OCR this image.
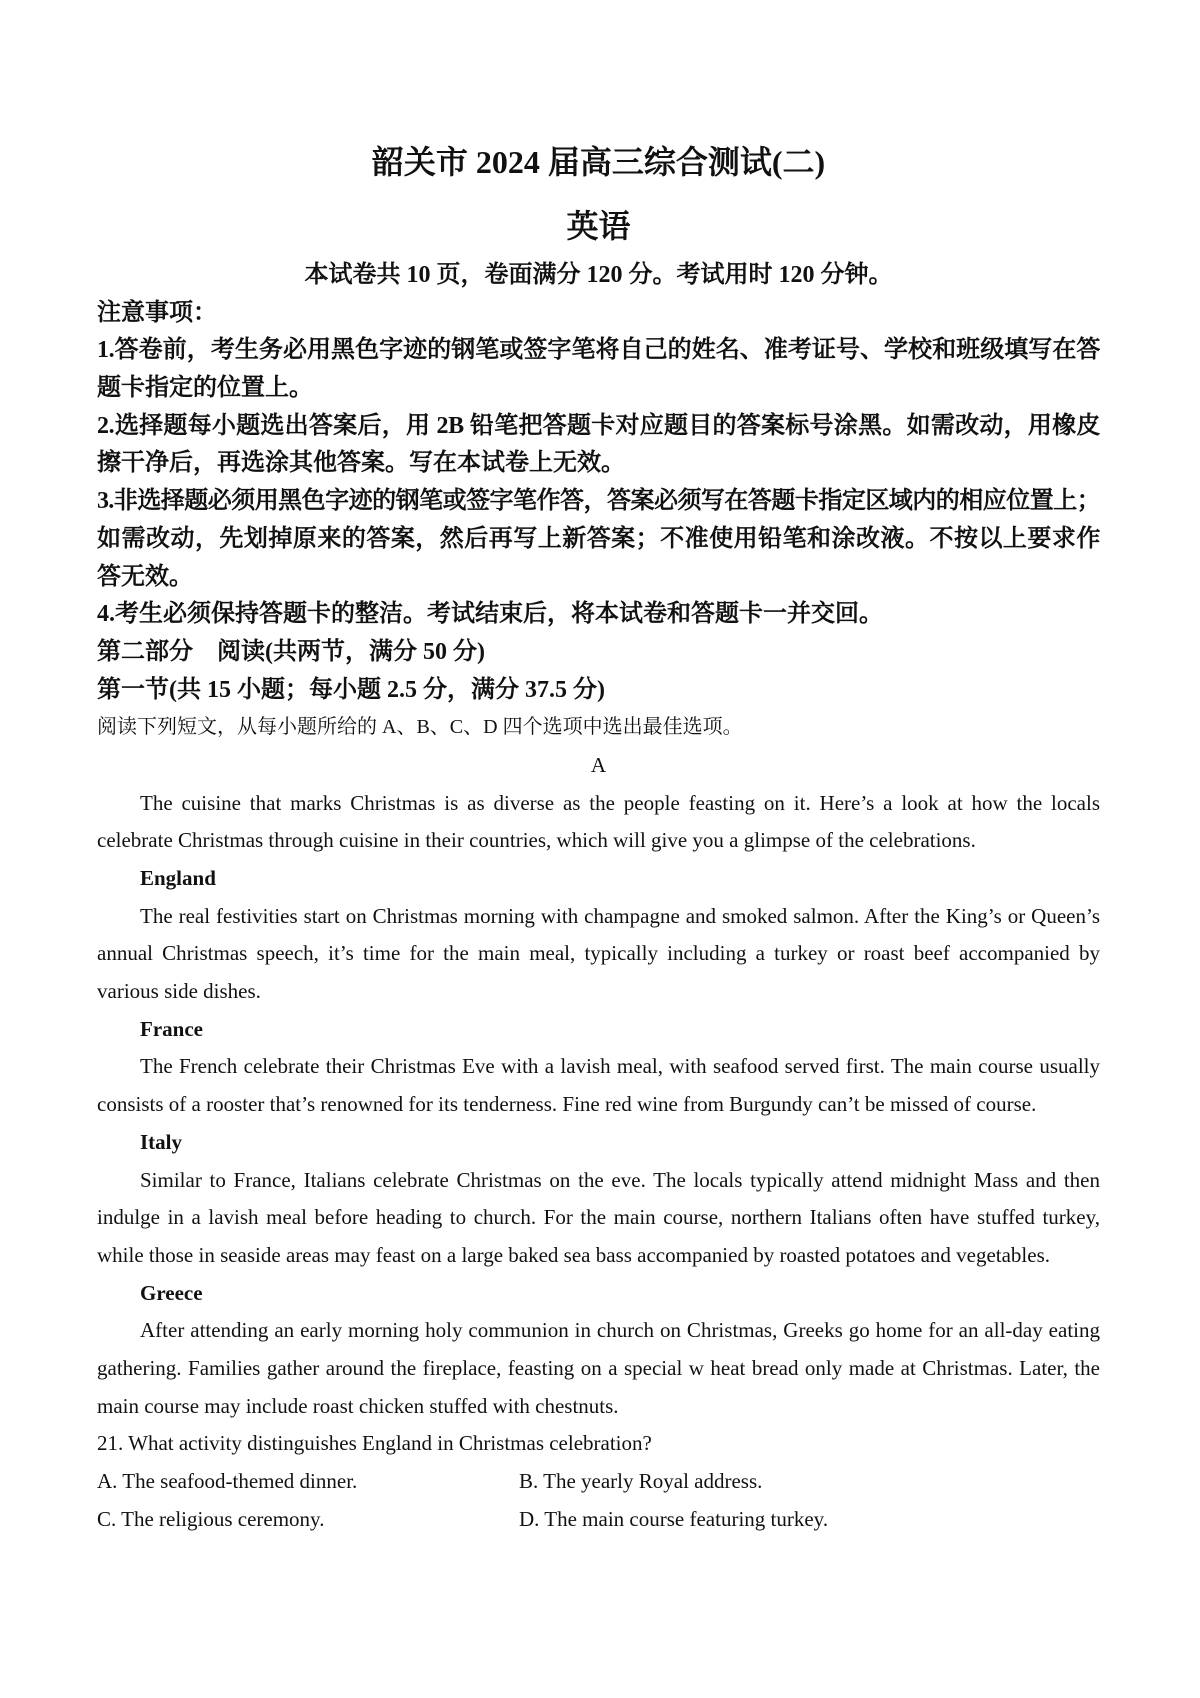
韶关市 2024 届高三综合测试(二)
英语
本试卷共 10 页，卷面满分 120 分。考试用时 120 分钟。
注意事项：
1.答卷前，考生务必用黑色字迹的钢笔或签字笔将自己的姓名、准考证号、学校和班级填写在答
题卡指定的位置上。
2.选择题每小题选出答案后，用 2B 铅笔把答题卡对应题目的答案标号涂黑。如需改动，用橡皮
擦干净后，再选涂其他答案。写在本试卷上无效。
3.非选择题必须用黑色字迹的钢笔或签字笔作答，答案必须写在答题卡指定区域内的相应位置上；
如需改动，先划掉原来的答案，然后再写上新答案；不准使用铅笔和涂改液。不按以上要求作
答无效。
4.考生必须保持答题卡的整洁。考试结束后，将本试卷和答题卡一并交回。
第二部分　阅读(共两节，满分 50 分)
第一节(共 15 小题；每小题 2.5 分，满分 37.5 分)
阅读下列短文，从每小题所给的 A、B、C、D 四个选项中选出最佳选项。
A
The cuisine that marks Christmas is as diverse as the people feasting on it. Here’s a look at how the locals
celebrate Christmas through cuisine in their countries, which will give you a glimpse of the celebrations.
England
The real festivities start on Christmas morning with champagne and smoked salmon. After the King’s or Queen’s
annual Christmas speech, it’s time for the main meal, typically including a turkey or roast beef accompanied by
various side dishes.
France
The French celebrate their Christmas Eve with a lavish meal, with seafood served first. The main course usually
consists of a rooster that’s renowned for its tenderness. Fine red wine from Burgundy can’t be missed of course.
Italy
Similar to France, Italians celebrate Christmas on the eve. The locals typically attend midnight Mass and then
indulge in a lavish meal before heading to church. For the main course, northern Italians often have stuffed turkey,
while those in seaside areas may feast on a large baked sea bass accompanied by roasted potatoes and vegetables.
Greece
After attending an early morning holy communion in church on Christmas, Greeks go home for an all-day eating
gathering. Families gather around the fireplace, feasting on a special w heat bread only made at Christmas. Later, the
main course may include roast chicken stuffed with chestnuts.
21. What activity distinguishes England in Christmas celebration?
A. The seafood-themed dinner.	B. The yearly Royal address.
C. The religious ceremony.	D. The main course featuring turkey.
